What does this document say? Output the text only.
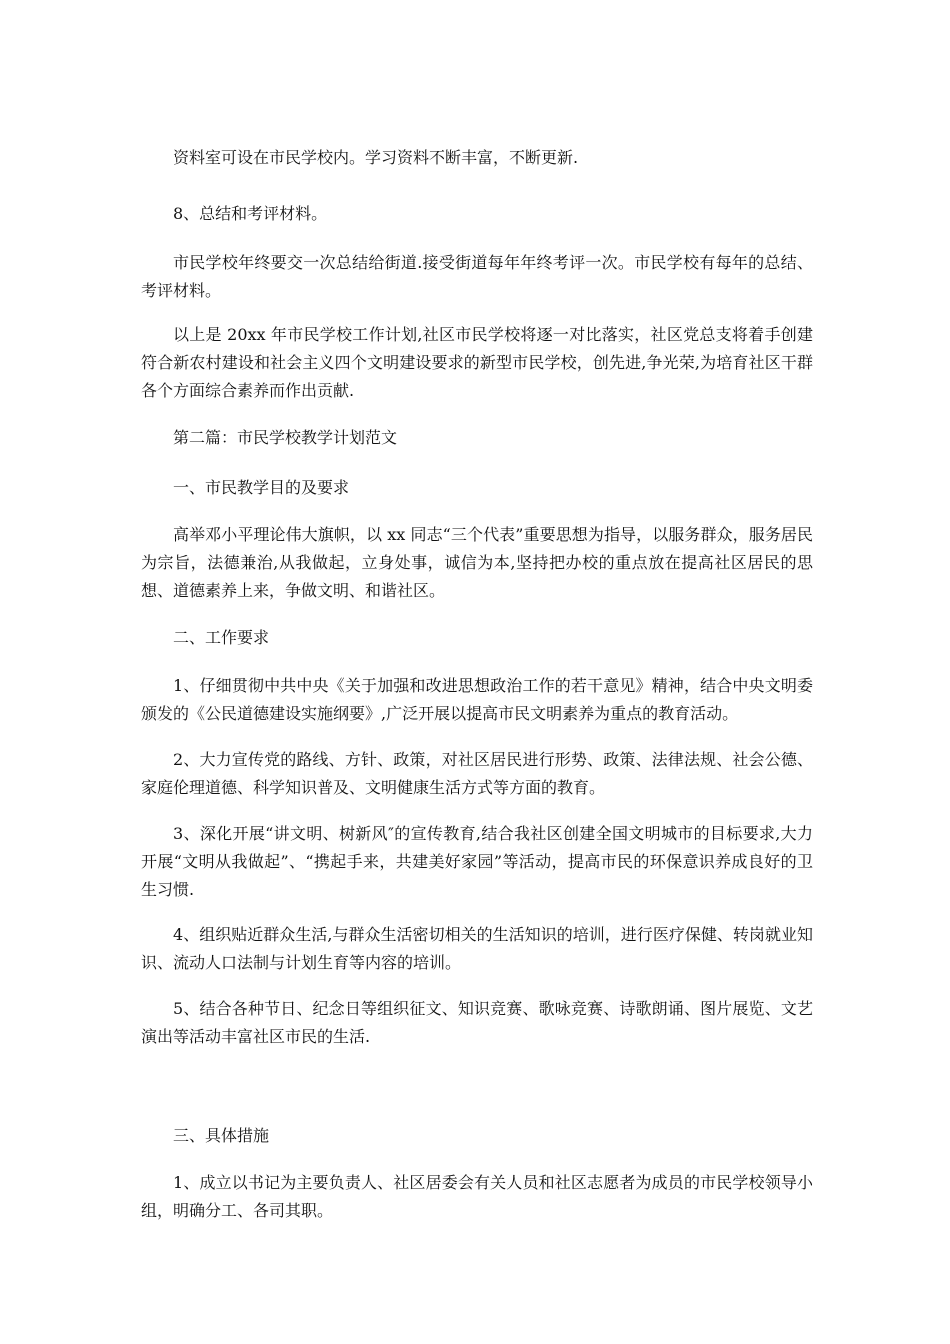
资料室可设在市民学校内。学习资料不断丰富，不断更新.

8、总结和考评材料。

市民学校年终要交一次总结给街道.接受街道每年年终考评一次。市民学校有每年的总结、考评材料。

以上是 20xx 年市民学校工作计划,社区市民学校将逐一对比落实，社区党总支将着手创建符合新农村建设和社会主义四个文明建设要求的新型市民学校，创先进,争光荣,为培育社区干群各个方面综合素养而作出贡献.

第二篇：市民学校教学计划范文

一、市民教学目的及要求

高举邓小平理论伟大旗帜，以 xx 同志“三个代表”重要思想为指导，以服务群众，服务居民为宗旨，法德兼治,从我做起，立身处事，诚信为本,坚持把办校的重点放在提高社区居民的思想、道德素养上来，争做文明、和谐社区。

二、工作要求

1、仔细贯彻中共中央《关于加强和改进思想政治工作的若干意见》精神，结合中央文明委颁发的《公民道德建设实施纲要》,广泛开展以提高市民文明素养为重点的教育活动。

2、大力宣传党的路线、方针、政策，对社区居民进行形势、政策、法律法规、社会公德、家庭伦理道德、科学知识普及、文明健康生活方式等方面的教育。

3、深化开展“讲文明、树新风″的宣传教育,结合我社区创建全国文明城市的目标要求,大力开展“文明从我做起”、“携起手来，共建美好家园”等活动，提高市民的环保意识养成良好的卫生习惯.

4、组织贴近群众生活,与群众生活密切相关的生活知识的培训，进行医疗保健、转岗就业知识、流动人口法制与计划生育等内容的培训。

5、结合各种节日、纪念日等组织征文、知识竞赛、歌咏竞赛、诗歌朗诵、图片展览、文艺演出等活动丰富社区市民的生活.

三、具体措施

1、成立以书记为主要负责人、社区居委会有关人员和社区志愿者为成员的市民学校领导小组，明确分工、各司其职。
